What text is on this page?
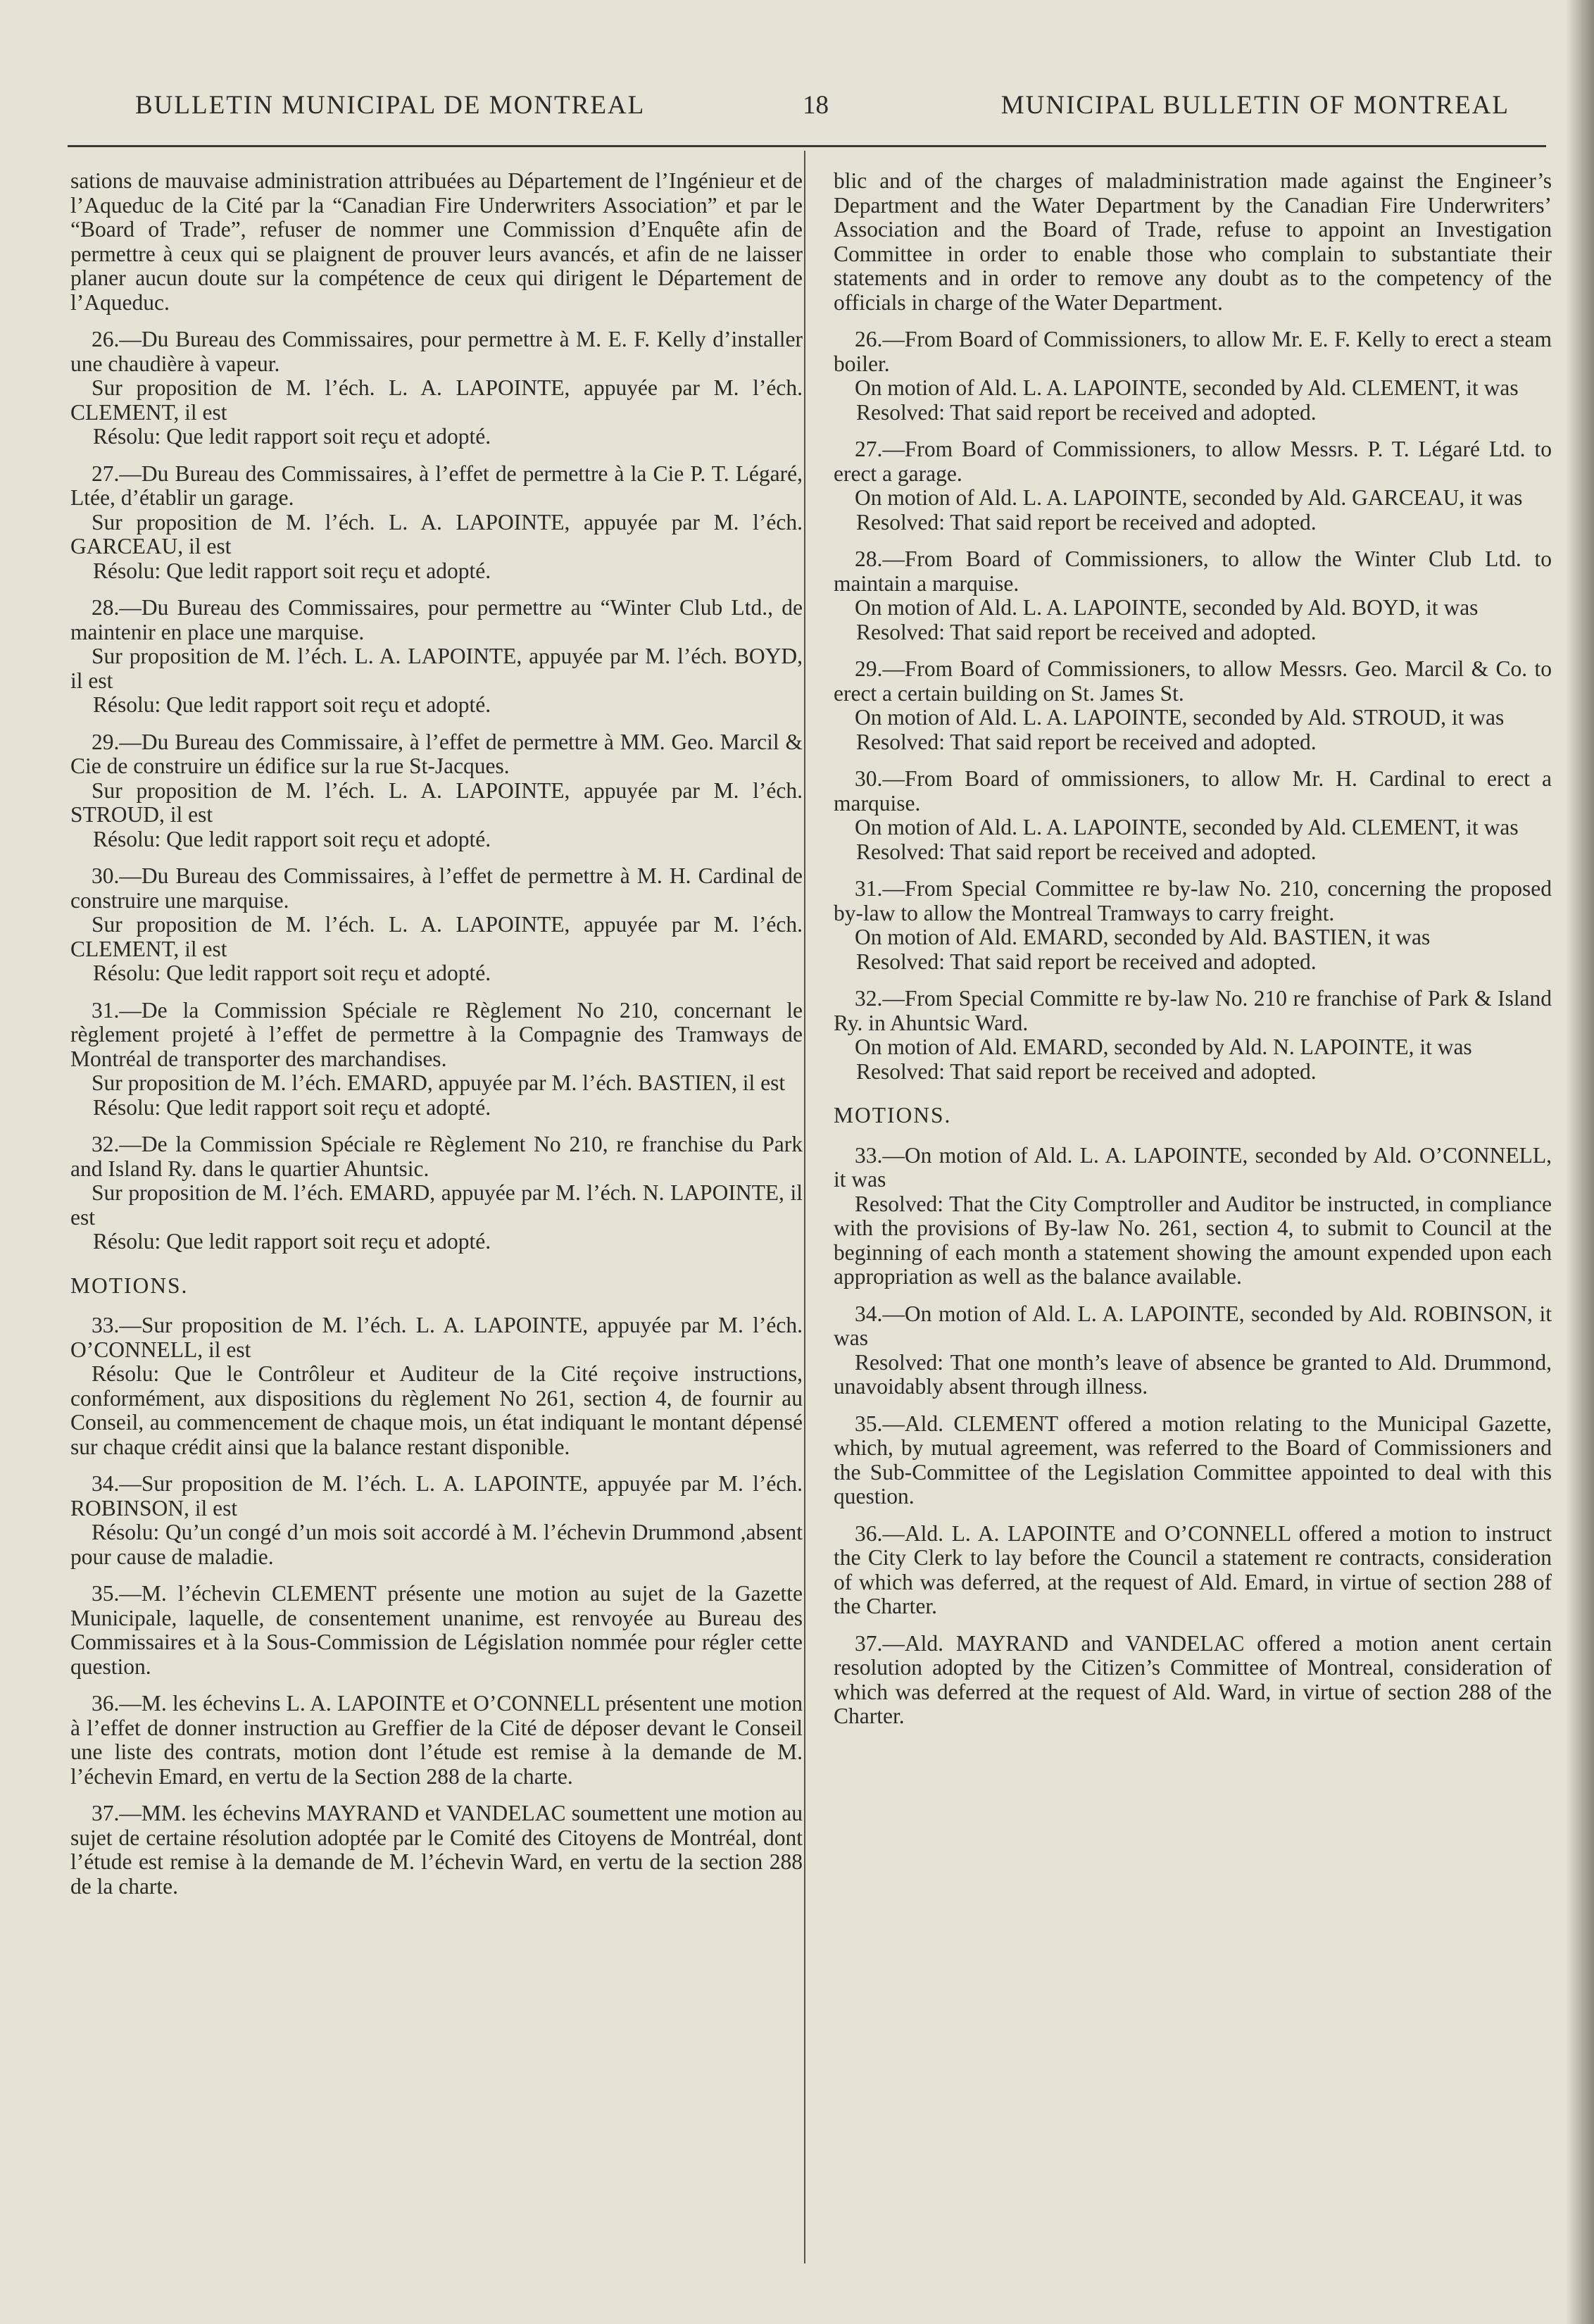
BULLETIN MUNICIPAL DE MONTREAL	18	MUNICIPAL BULLETIN OF MONTREAL

sations de mauvaise administration attribuées au Département de l’Ingénieur et de l’Aqueduc de la Cité par la “Canadian Fire Underwriters Association” et par le “Board of Trade”, refuser de nommer une Commission d’Enquête afin de permettre à ceux qui se plaignent de prouver leurs avancés, et afin de ne laisser planer aucun doute sur la compétence de ceux qui dirigent le Département de l’Aqueduc.

26.—Du Bureau des Commissaires, pour permettre à M. E. F. Kelly d’installer une chaudière à vapeur.

Sur proposition de M. l’éch. L. A. LAPOINTE, appuyée par M. l’éch. CLEMENT, il est

Résolu: Que ledit rapport soit reçu et adopté.

27.—Du Bureau des Commissaires, à l’effet de permettre à la Cie P. T. Légaré, Ltée, d’établir un garage.

Sur proposition de M. l’éch. L. A. LAPOINTE, appuyée par M. l’éch. GARCEAU, il est

Résolu: Que ledit rapport soit reçu et adopté.

28.—Du Bureau des Commissaires, pour permettre au “Winter Club Ltd., de maintenir en place une marquise.

Sur proposition de M. l’éch. L. A. LAPOINTE, appuyée par M. l’éch. BOYD, il est

Résolu: Que ledit rapport soit reçu et adopté.

29.—Du Bureau des Commissaire, à l’effet de permettre à MM. Geo. Marcil & Cie de construire un édifice sur la rue St-Jacques.

Sur proposition de M. l’éch. L. A. LAPOINTE, appuyée par M. l’éch. STROUD, il est

Résolu: Que ledit rapport soit reçu et adopté.

30.—Du Bureau des Commissaires, à l’effet de permettre à M. H. Cardinal de construire une marquise.

Sur proposition de M. l’éch. L. A. LAPOINTE, appuyée par M. l’éch. CLEMENT, il est

Résolu: Que ledit rapport soit reçu et adopté.

31.—De la Commission Spéciale re Règlement No 210, concernant le règlement projeté à l’effet de permettre à la Compagnie des Tramways de Montréal de transporter des marchandises.

Sur proposition de M. l’éch. EMARD, appuyée par M. l’éch. BASTIEN, il est

Résolu: Que ledit rapport soit reçu et adopté.

32.—De la Commission Spéciale re Règlement No 210, re franchise du Park and Island Ry. dans le quartier Ahuntsic.

Sur proposition de M. l’éch. EMARD, appuyée par M. l’éch. N. LAPOINTE, il est

Résolu: Que ledit rapport soit reçu et adopté.

MOTIONS.

33.—Sur proposition de M. l’éch. L. A. LAPOINTE, appuyée par M. l’éch. O’CONNELL, il est

Résolu: Que le Contrôleur et Auditeur de la Cité reçoive instructions, conformément, aux dispositions du règlement No 261, section 4, de fournir au Conseil, au commencement de chaque mois, un état indiquant le montant dépensé sur chaque crédit ainsi que la balance restant disponible.

34.—Sur proposition de M. l’éch. L. A. LAPOINTE, appuyée par M. l’éch. ROBINSON, il est

Résolu: Qu’un congé d’un mois soit accordé à M. l’échevin Drummond ,absent pour cause de maladie.

35.—M. l’échevin CLEMENT présente une motion au sujet de la Gazette Municipale, laquelle, de consentement unanime, est renvoyée au Bureau des Commissaires et à la Sous-Commission de Législation nommée pour régler cette question.

36.—M. les échevins L. A. LAPOINTE et O’CONNELL présentent une motion à l’effet de donner instruction au Greffier de la Cité de déposer devant le Conseil une liste des contrats, motion dont l’étude est remise à la demande de M. l’échevin Emard, en vertu de la Section 288 de la charte.

37.—MM. les échevins MAYRAND et VANDELAC soumettent une motion au sujet de certaine résolution adoptée par le Comité des Citoyens de Montréal, dont l’étude est remise à la demande de M. l’échevin Ward, en vertu de la section 288 de la charte.

blic and of the charges of maladministration made against the Engineer’s Department and the Water Department by the Canadian Fire Underwriters’ Association and the Board of Trade, refuse to appoint an Investigation Committee in order to enable those who complain to substantiate their statements and in order to remove any doubt as to the competency of the officials in charge of the Water Department.

26.—From Board of Commissioners, to allow Mr. E. F. Kelly to erect a steam boiler.

On motion of Ald. L. A. LAPOINTE, seconded by Ald. CLEMENT, it was

Resolved: That said report be received and adopted.

27.—From Board of Commissioners, to allow Messrs. P. T. Légaré Ltd. to erect a garage.

On motion of Ald. L. A. LAPOINTE, seconded by Ald. GARCEAU, it was

Resolved: That said report be received and adopted.

28.—From Board of Commissioners, to allow the Winter Club Ltd. to maintain a marquise.

On motion of Ald. L. A. LAPOINTE, seconded by Ald. BOYD, it was

Resolved: That said report be received and adopted.

29.—From Board of Commissioners, to allow Messrs. Geo. Marcil & Co. to erect a certain building on St. James St.

On motion of Ald. L. A. LAPOINTE, seconded by Ald. STROUD, it was

Resolved: That said report be received and adopted.

30.—From Board of ommissioners, to allow Mr. H. Cardinal to erect a marquise.

On motion of Ald. L. A. LAPOINTE, seconded by Ald. CLEMENT, it was

Resolved: That said report be received and adopted.

31.—From Special Committee re by-law No. 210, concerning the proposed by-law to allow the Montreal Tramways to carry freight.

On motion of Ald. EMARD, seconded by Ald. BASTIEN, it was

Resolved: That said report be received and adopted.

32.—From Special Committe re by-law No. 210 re franchise of Park & Island Ry. in Ahuntsic Ward.

On motion of Ald. EMARD, seconded by Ald. N. LAPOINTE, it was

Resolved: That said report be received and adopted.

MOTIONS.

33.—On motion of Ald. L. A. LAPOINTE, seconded by Ald. O’CONNELL, it was

Resolved: That the City Comptroller and Auditor be instructed, in compliance with the provisions of By-law No. 261, section 4, to submit to Council at the beginning of each month a statement showing the amount expended upon each appropriation as well as the balance available.

34.—On motion of Ald. L. A. LAPOINTE, seconded by Ald. ROBINSON, it was

Resolved: That one month’s leave of absence be granted to Ald. Drummond, unavoidably absent through illness.

35.—Ald. CLEMENT offered a motion relating to the Municipal Gazette, which, by mutual agreement, was referred to the Board of Commissioners and the Sub-Committee of the Legislation Committee appointed to deal with this question.

36.—Ald. L. A. LAPOINTE and O’CONNELL offered a motion to instruct the City Clerk to lay before the Council a statement re contracts, consideration of which was deferred, at the request of Ald. Emard, in virtue of section 288 of the Charter.

37.—Ald. MAYRAND and VANDELAC offered a motion anent certain resolution adopted by the Citizen’s Committee of Montreal, consideration of which was deferred at the request of Ald. Ward, in virtue of section 288 of the Charter.
